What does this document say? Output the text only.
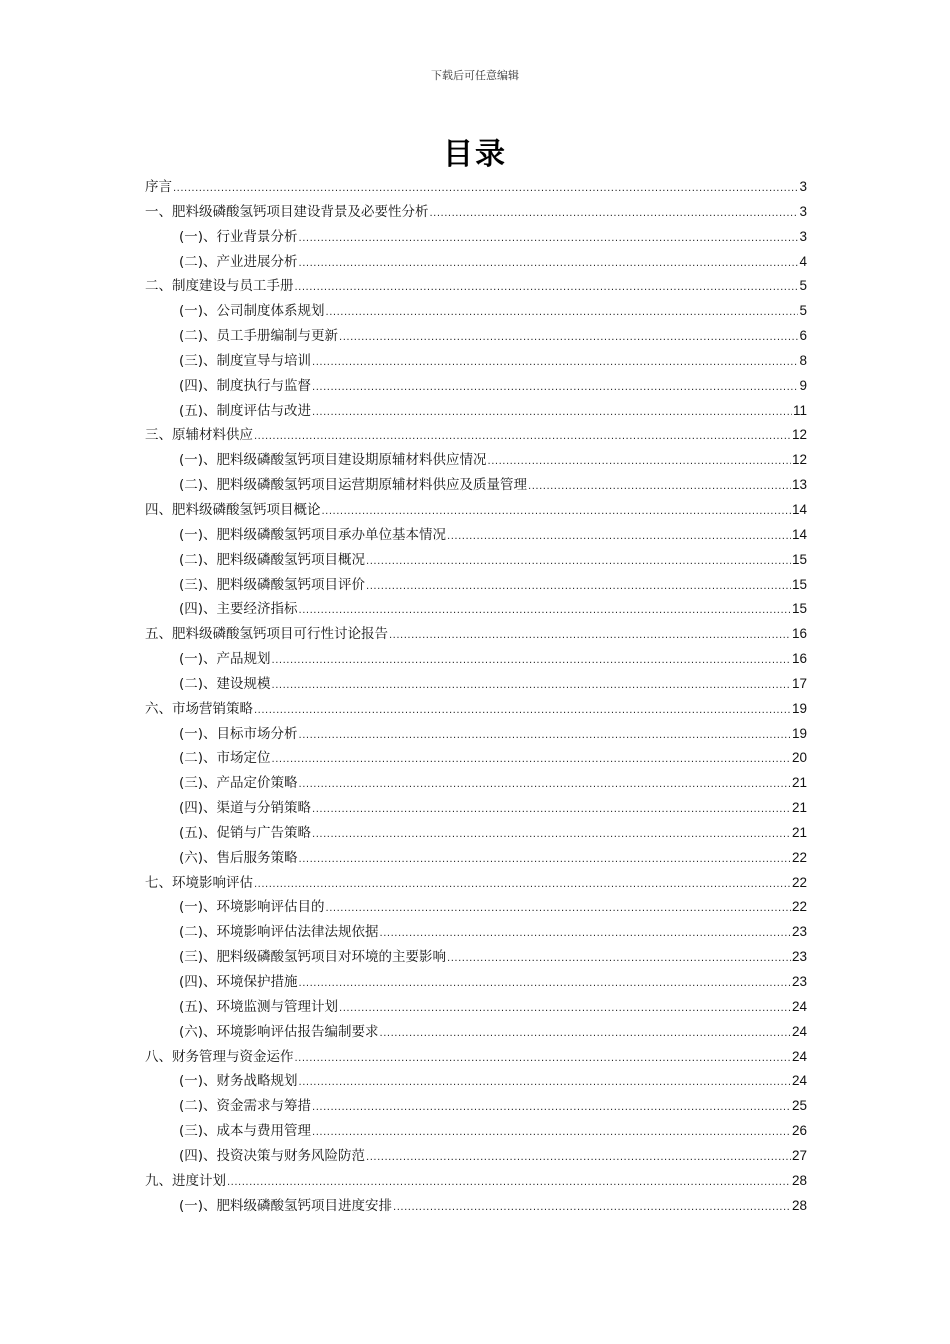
下载后可任意编辑
目录
序言 .....	3
一、肥料级磷酸氢钙项目建设背景及必要性分析 .....	3
(一)、行业背景分析 .....	3
(二)、产业进展分析 .....	4
二、制度建设与员工手册 .....	5
(一)、公司制度体系规划 .....	5
(二)、员工手册编制与更新 .....	6
(三)、制度宣导与培训 .....	8
(四)、制度执行与监督 .....	9
(五)、制度评估与改进 .....	11
三、原辅材料供应 .....	12
(一)、肥料级磷酸氢钙项目建设期原辅材料供应情况 .....	12
(二)、肥料级磷酸氢钙项目运营期原辅材料供应及质量管理 .....	13
四、肥料级磷酸氢钙项目概论 .....	14
(一)、肥料级磷酸氢钙项目承办单位基本情况 .....	14
(二)、肥料级磷酸氢钙项目概况 .....	15
(三)、肥料级磷酸氢钙项目评价 .....	15
(四)、主要经济指标 .....	15
五、肥料级磷酸氢钙项目可行性讨论报告 .....	16
(一)、产品规划 .....	16
(二)、建设规模 .....	17
六、市场营销策略 .....	19
(一)、目标市场分析 .....	19
(二)、市场定位 .....	20
(三)、产品定价策略 .....	21
(四)、渠道与分销策略 .....	21
(五)、促销与广告策略 .....	21
(六)、售后服务策略 .....	22
七、环境影响评估 .....	22
(一)、环境影响评估目的 .....	22
(二)、环境影响评估法律法规依据 .....	23
(三)、肥料级磷酸氢钙项目对环境的主要影响 .....	23
(四)、环境保护措施 .....	23
(五)、环境监测与管理计划 .....	24
(六)、环境影响评估报告编制要求 .....	24
八、财务管理与资金运作 .....	24
(一)、财务战略规划 .....	24
(二)、资金需求与筹措 .....	25
(三)、成本与费用管理 .....	26
(四)、投资决策与财务风险防范 .....	27
九、进度计划 .....	28
(一)、肥料级磷酸氢钙项目进度安排 .....	28
